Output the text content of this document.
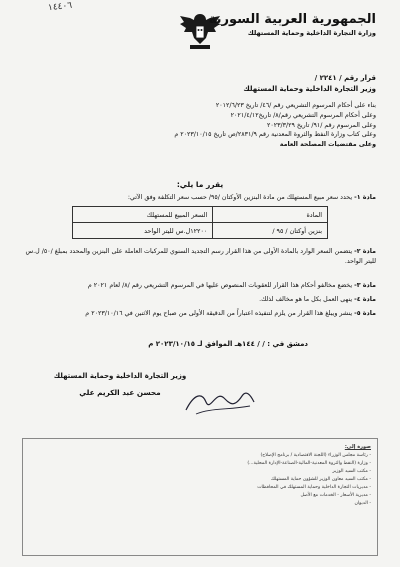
١٤٤٠٦
الجمهورية العربية السورية
وزارة التجارة الداخلية وحماية المستهلك
قرار رقم / ٢٢٤١ /
وزير التجارة الداخلية وحماية المستهلك
بناء على أحكام المرسوم التشريعي رقم /٤٦/ تاريخ ٢٠١٢/٦/٢٣
وعلى أحكام المرسوم التشريعي رقم/٨/ تاريخ٢٠٢١/٤/١٢
وعلى المرسوم رقم /٩١/ تاريخ ٢٠٢٣/٣/٢٩
وعلى كتاب وزارة النفط والثروة المعدنية رقم ٢٨٣١/٩/ص تاريخ ٢٠٢٣/١٠/١٥ م
وعلى مقتضيات المصلحة العامة
يقرر ما يلي:
مادة ١- يحدد سعر مبيع المستهلك من مادة البنزين الأوكتان /٩٥/ حسب سعر التكلفة وفق الآتي:
المادة	السعر المبيع للمستهلك
بنزين أوكتان / ٩٥ /	١٢٢٠٠ل.س لليتر الواحد
مادة ٢- يتضمن السعر الوارد بالمادة الأولى من هذا القرار رسم التجديد السنوي للمركبات العاملة على البنزين والمحدد بمبلغ /٥٠/ ل.س لليتر الواحد.
مادة ٣- يخضع مخالفو أحكام هذا القرار للعقوبات المنصوص عليها في المرسوم التشريعي رقم /٨/ لعام ٢٠٢١ م
مادة ٤- ينهى العمل بكل ما هو مخالف لذلك.
مادة ٥- ينشر ويبلغ هذا القرار من يلزم لتنفيذه اعتباراً من الدقيقة الأولى من صباح يوم الاثنين في ٢٠٢٣/١٠/١٦ م
دمشق في : / / ١٤٤هـ الموافق لـ ٢٠٢٣/١٠/١٥ م
وزير التجارة الداخلية وحماية المستهلك
محسن عبد الكريم علي
صورة إلى:
- رئاسة مجلس الوزراء (اللجنة الاقتصادية / برنامج الإصلاح)
- وزارة (النفط والثروة المعدنية-المالية-الصناعة-الإدارة المحلية...)
- مكتب السيد الوزير
- مكتب السيد معاون الوزير للشؤون حماية المستهلك
- مديريات التجارة الداخلية وحماية المستهلك في المحافظات
- مديرية الأسعار - الخدمات مع الأصل
- الديوان
